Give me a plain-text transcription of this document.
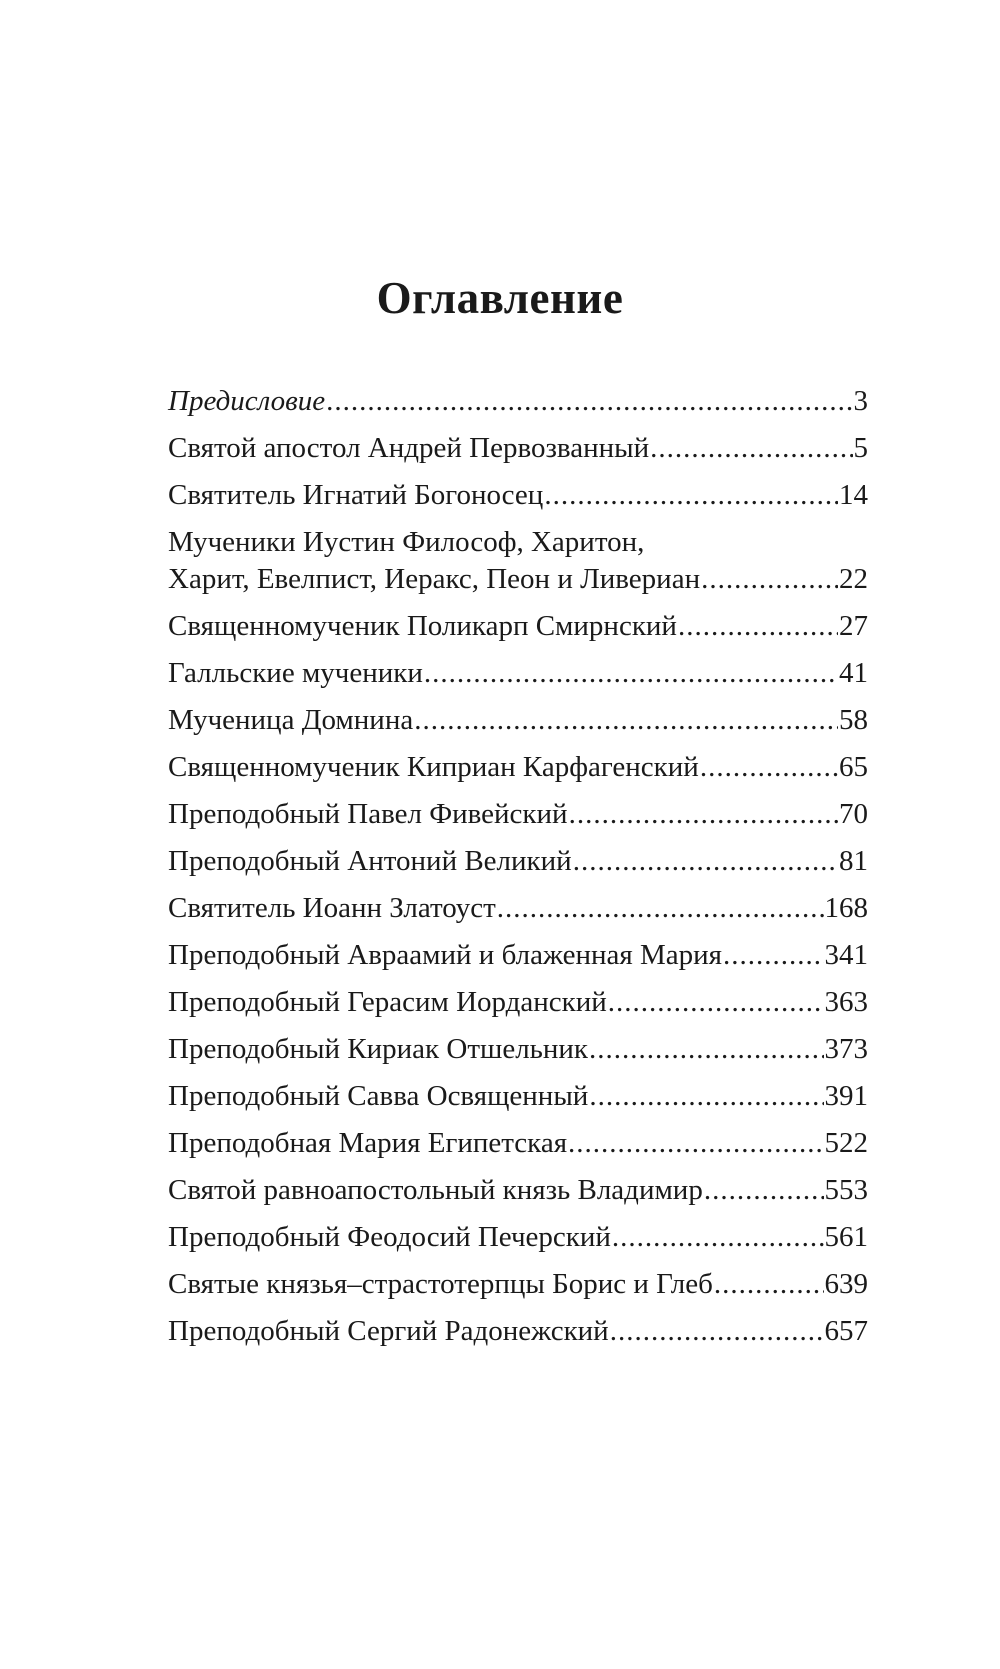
Оглавление
Предисловие .....	3
Святой апостол Андрей Первозванный .....	5
Святитель Игнатий Богоносец .....	14
Мученики Иустин Философ, Харитон,
Харит, Евелпист, Иеракс, Пеон и Ливериан .....	22
Священномученик Поликарп Смирнский .....	27
Галльские мученики .....	41
Мученица Домнина .....	58
Священномученик Киприан Карфагенский .....	65
Преподобный Павел Фивейский .....	70
Преподобный Антоний Великий .....	81
Святитель Иоанн Златоуст .....	168
Преподобный Авраамий и блаженная Мария .....	341
Преподобный Герасим Иорданский .....	363
Преподобный Кириак Отшельник .....	373
Преподобный Савва Освященный .....	391
Преподобная Мария Египетская .....	522
Святой равноапостольный князь Владимир .....	553
Преподобный Феодосий Печерский .....	561
Святые князья–страстотерпцы Борис и Глеб .....	639
Преподобный Сергий Радонежский .....	657
